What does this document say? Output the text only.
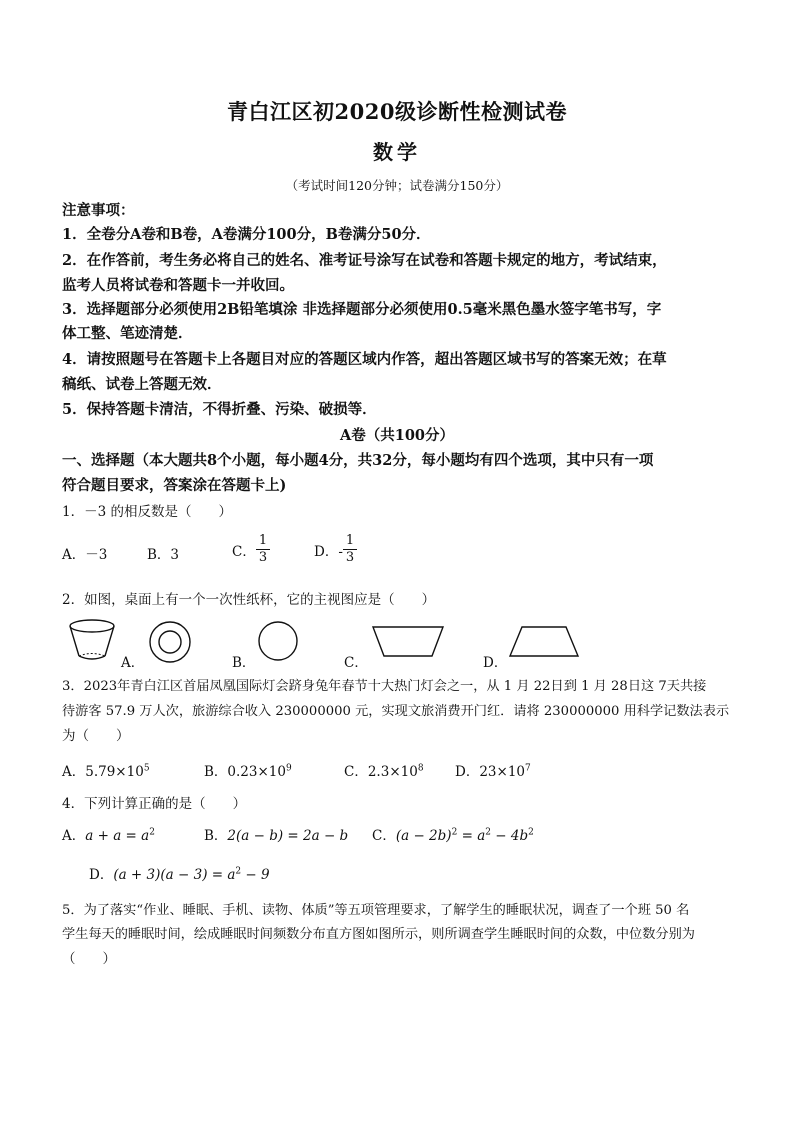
青白江区初2020级诊断性检测试卷
数学
（考试时间120分钟；试卷满分150分）
注意事项：
1．全卷分A卷和B卷，A卷满分100分，B卷满分50分．
2．在作答前，考生务必将自己的姓名、准考证号涂写在试卷和答题卡规定的地方，考试结束，
监考人员将试卷和答题卡一并收回。
3．选择题部分必须使用2B铅笔填涂 非选择题部分必须使用0.5毫米黑色墨水签字笔书写，字
体工整、笔迹清楚．
4．请按照题号在答题卡上各题目对应的答题区域内作答，超出答题区域书写的答案无效；在草
稿纸、试卷上答题无效．
5．保持答题卡清洁，不得折叠、污染、破损等．
A卷（共100分）
一、选择题（本大题共8个小题，每小题4分，共32分，每小题均有四个选项，其中只有一项
符合题目要求，答案涂在答题卡上)
1．－3 的相反数是（　　）
A．－3	B．3	C． $\frac{1}{3}$	D．- $\frac{1}{3}$
2．如图，桌面上有一个一次性纸杯，它的主视图应是（　　）
A．	B．	C．	D．
3．2023年青白江区首届凤凰国际灯会跻身兔年春节十大热门灯会之一，从 1 月 22日到 1 月 28日这 7天共接
待游客 57.9 万人次，旅游综合收入 230000000 元，实现文旅消费开门红．请将 230000000 用科学记数法表示
为（　　）
A．$5.79\times 10^5$	B．$0.23\times 10^9$	C．$2.3\times 10^8$ D．$23\times 10^7$
4．下列计算正确的是（　　）
A．$a + a = a^2$	B．2(a − b) = 2a − b C．$(a - 2b)^2 = a^2 - 4b^2$
D．$(a + 3)(a - 3) = a^2 - 9$
5．为了落实“作业、睡眠、手机、读物、体质”等五项管理要求，了解学生的睡眠状况，调查了一个班 50 名
学生每天的睡眠时间，绘成睡眠时间频数分布直方图如图所示，则所调查学生睡眠时间的众数，中位数分别为
（　　）
